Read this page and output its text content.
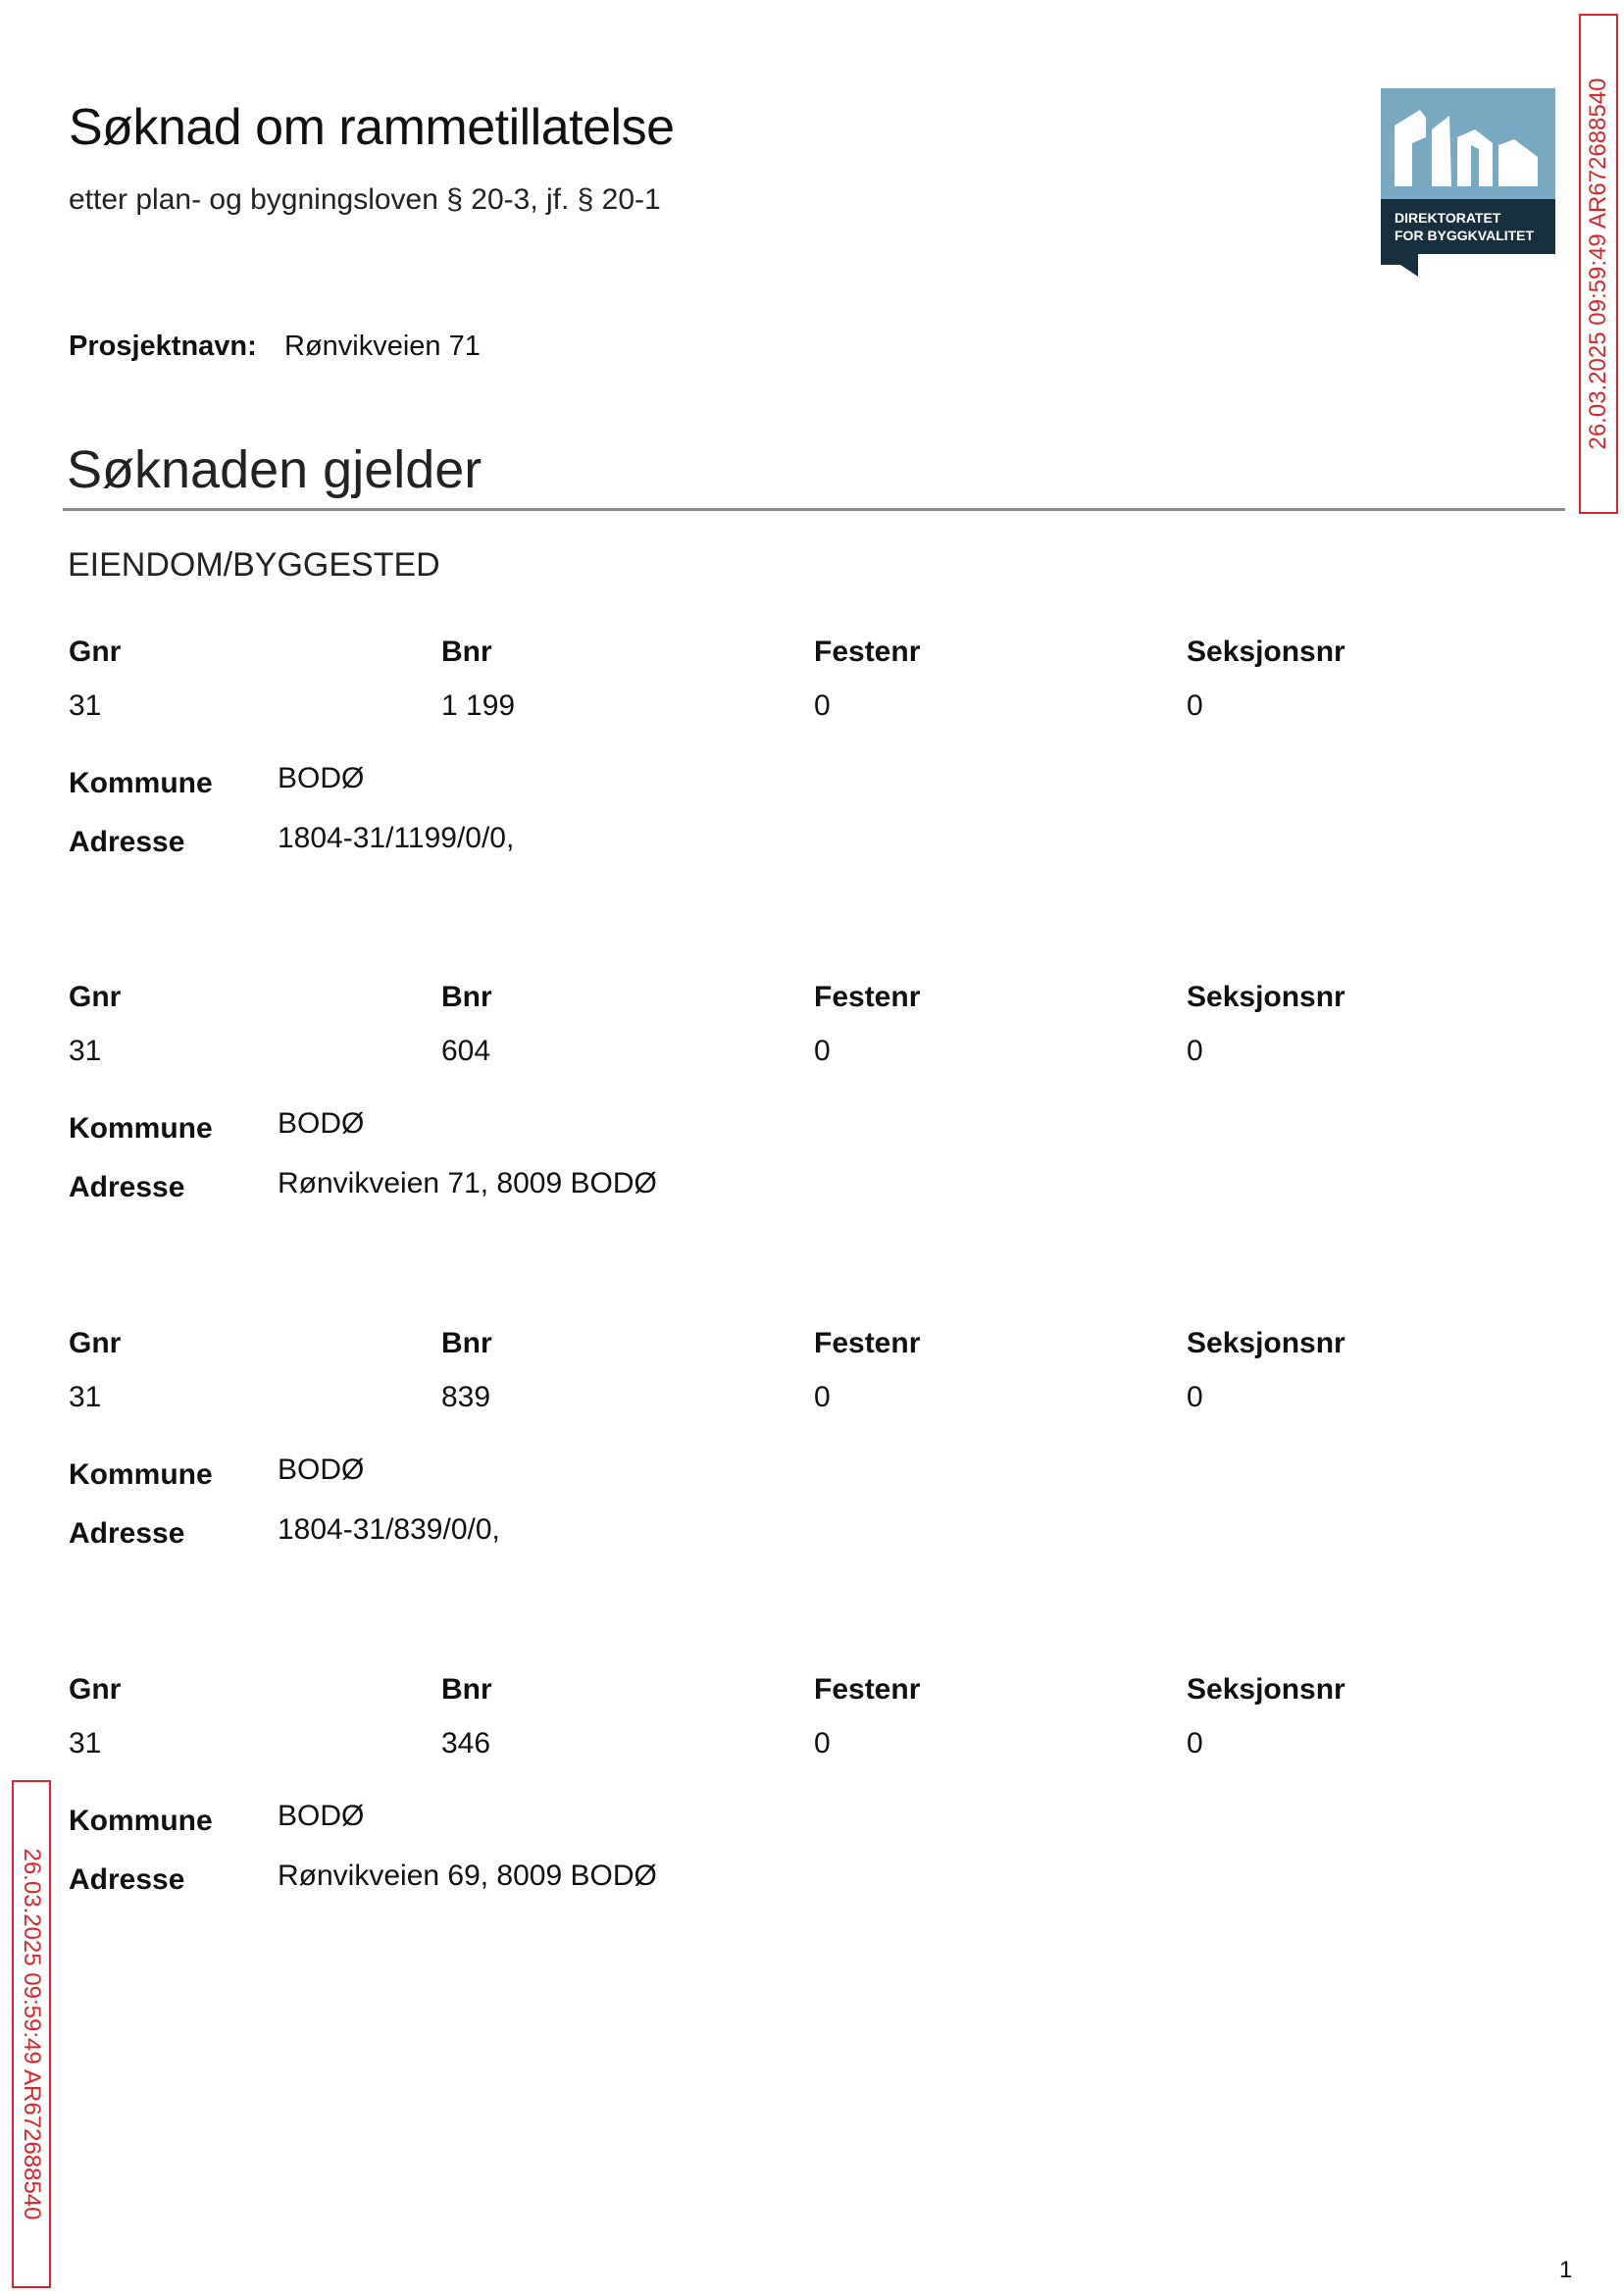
Søknad om rammetillatelse
etter plan- og bygningsloven § 20-3, jf. § 20-1
DIREKTORATET
FOR BYGGKVALITET 26.03.2025 09:59:49 AR672688540
Prosjektnavn: Rønvikveien 71
Søknaden gjelder
EIENDOM/BYGGESTED
Gnr	Bnr	Festenr	Seksjonsnr
31	1 199	0	0
Kommune BODØ
Adresse	1804-31/1199/0/0,
Gnr	Bnr	Festenr	Seksjonsnr
31	604	0	0
Kommune BODØ
Adresse	Rønvikveien 71, 8009 BODØ
Gnr	Bnr	Festenr	Seksjonsnr
31	839	0	0
Kommune BODØ
Adresse	1804-31/839/0/0,
Gnr	Bnr	Festenr	Seksjonsnr
31	346	0	0
Kommune BODØ
Adresse	Rønvikveien 69, 8009 BODØ
26.03.2025 09:59:49 AR672688540
1
